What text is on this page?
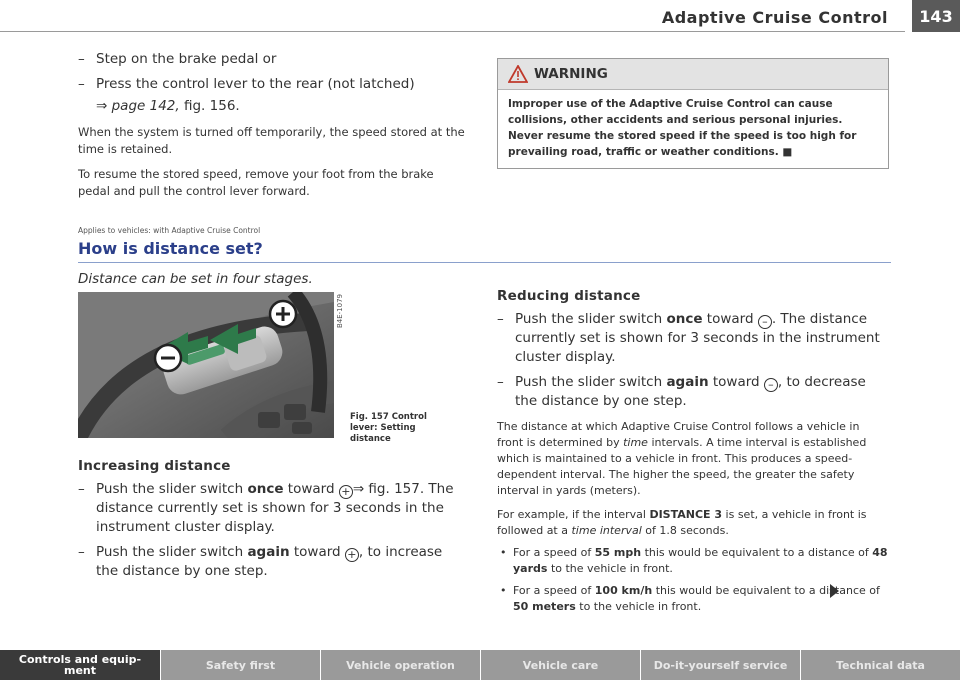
Adaptive Cruise Control	143
– Step on the brake pedal or
– Press the control lever to the rear (not latched)
⇒ page 142, fig. 156.

When the system is turned off temporarily, the speed stored at the time is retained.

To resume the stored speed, remove your foot from the brake pedal and pull the control lever forward.

Applies to vehicles: with Adaptive Cruise Control
How is distance set?
Distance can be set in four stages.
B4E-1079
Fig. 157 Control lever: Setting distance
Increasing distance
– Push the slider switch once toward + ⇒ fig. 157. The distance currently set is shown for 3 seconds in the instrument cluster display.
– Push the slider switch again toward + , to increase the distance by one step.
WARNING
Improper use of the Adaptive Cruise Control can cause collisions, other accidents and serious personal injuries. Never resume the stored speed if the speed is too high for prevailing road, traffic or weather conditions. ■
Reducing distance
– Push the slider switch once toward – . The distance currently set is shown for 3 seconds in the instrument cluster display.
– Push the slider switch again toward – , to decrease the distance by one step.

The distance at which Adaptive Cruise Control follows a vehicle in front is determined by time intervals. A time interval is established which is maintained to a vehicle in front. This produces a speed-dependent interval. The higher the speed, the greater the safety interval in yards (meters).

For example, if the interval DISTANCE 3 is set, a vehicle in front is followed at a time interval of 1.8 seconds.

• For a speed of 55 mph this would be equivalent to a distance of 48 yards to the vehicle in front.
• For a speed of 100 km/h this would be equivalent to a distance of 50 meters to the vehicle in front.
Controls and equip-
ment	Safety first	Vehicle operation	Vehicle care	Do-it-yourself service	Technical data
